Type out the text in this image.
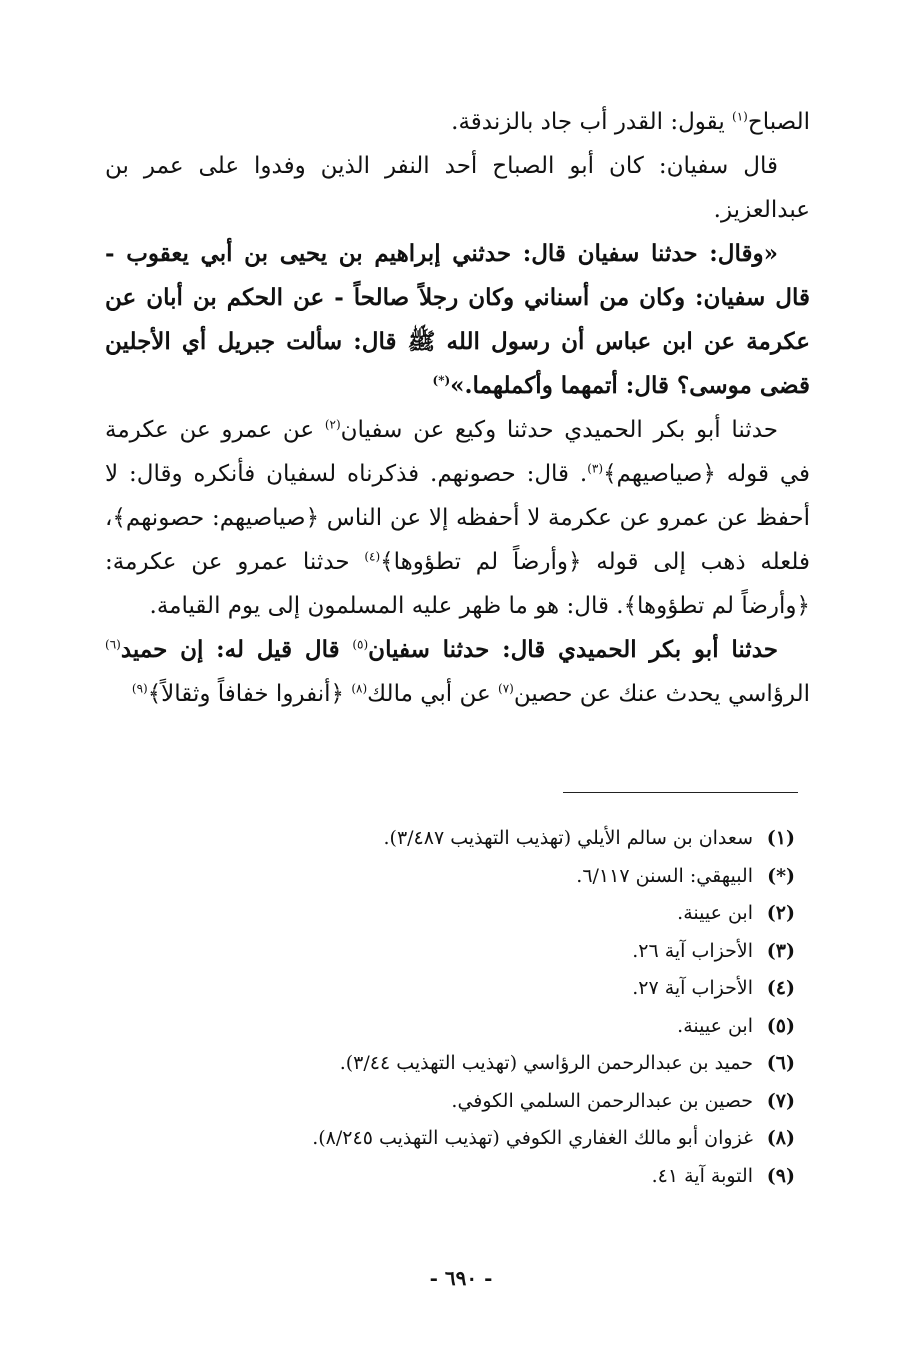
الصباح$^{(١)}$ يقول: القدر أب جاد بالزندقة.

قال سفيان: كان أبو الصباح أحد النفر الذين وفدوا على عمر بن عبدالعزيز.

«وقال: حدثنا سفيان قال: حدثني إبراهيم بن يحيى بن أبي يعقوب - قال سفيان: وكان من أسناني وكان رجلاً صالحاً - عن الحكم بن أبان عن عكرمة عن ابن عباس أن رسول الله ﷺ قال: سألت جبريل أي الأجلين قضى موسى؟ قال: أتمهما وأكملهما.»(*)

حدثنا أبو بكر الحميدي حدثنا وكيع عن سفيان$^{(٢)}$ عن عمرو عن عكرمة في قوله ﴿صياصيهم﴾$^{(٣)}$. قال: حصونهم. فذكرناه لسفيان فأنكره وقال: لا أحفظ عن عمرو عن عكرمة لا أحفظه إلا عن الناس ﴿صياصيهم: حصونهم﴾، فلعله ذهب إلى قوله ﴿وأرضاً لم تطؤوها﴾$^{(٤)}$ حدثنا عمرو عن عكرمة: ﴿وأرضاً لم تطؤوها﴾. قال: هو ما ظهر عليه المسلمون إلى يوم القيامة.

حدثنا أبو بكر الحميدي قال: حدثنا سفيان$^{(٥)}$ قال قيل له: إن حميد$^{(٦)}$ الرؤاسي يحدث عنك عن حصين$^{(٧)}$ عن أبي مالك$^{(٨)}$ ﴿أنفروا خفافاً وثقالاً﴾$^{(٩)}$

(١)سعدان بن سالم الأيلي (تهذيب التهذيب ٣/٤٨٧).
(*)البيهقي: السنن ٦/١١٧.
(٢)ابن عيينة.
(٣)الأحزاب آية ٢٦.
(٤)الأحزاب آية ٢٧.
(٥)ابن عيينة.
(٦)حميد بن عبدالرحمن الرؤاسي (تهذيب التهذيب ٣/٤٤).
(٧)حصين بن عبدالرحمن السلمي الكوفي.
(٨)غزوان أبو مالك الغفاري الكوفي (تهذيب التهذيب ٨/٢٤٥).
(٩)التوبة آية ٤١.
- ٦٩٠ -
